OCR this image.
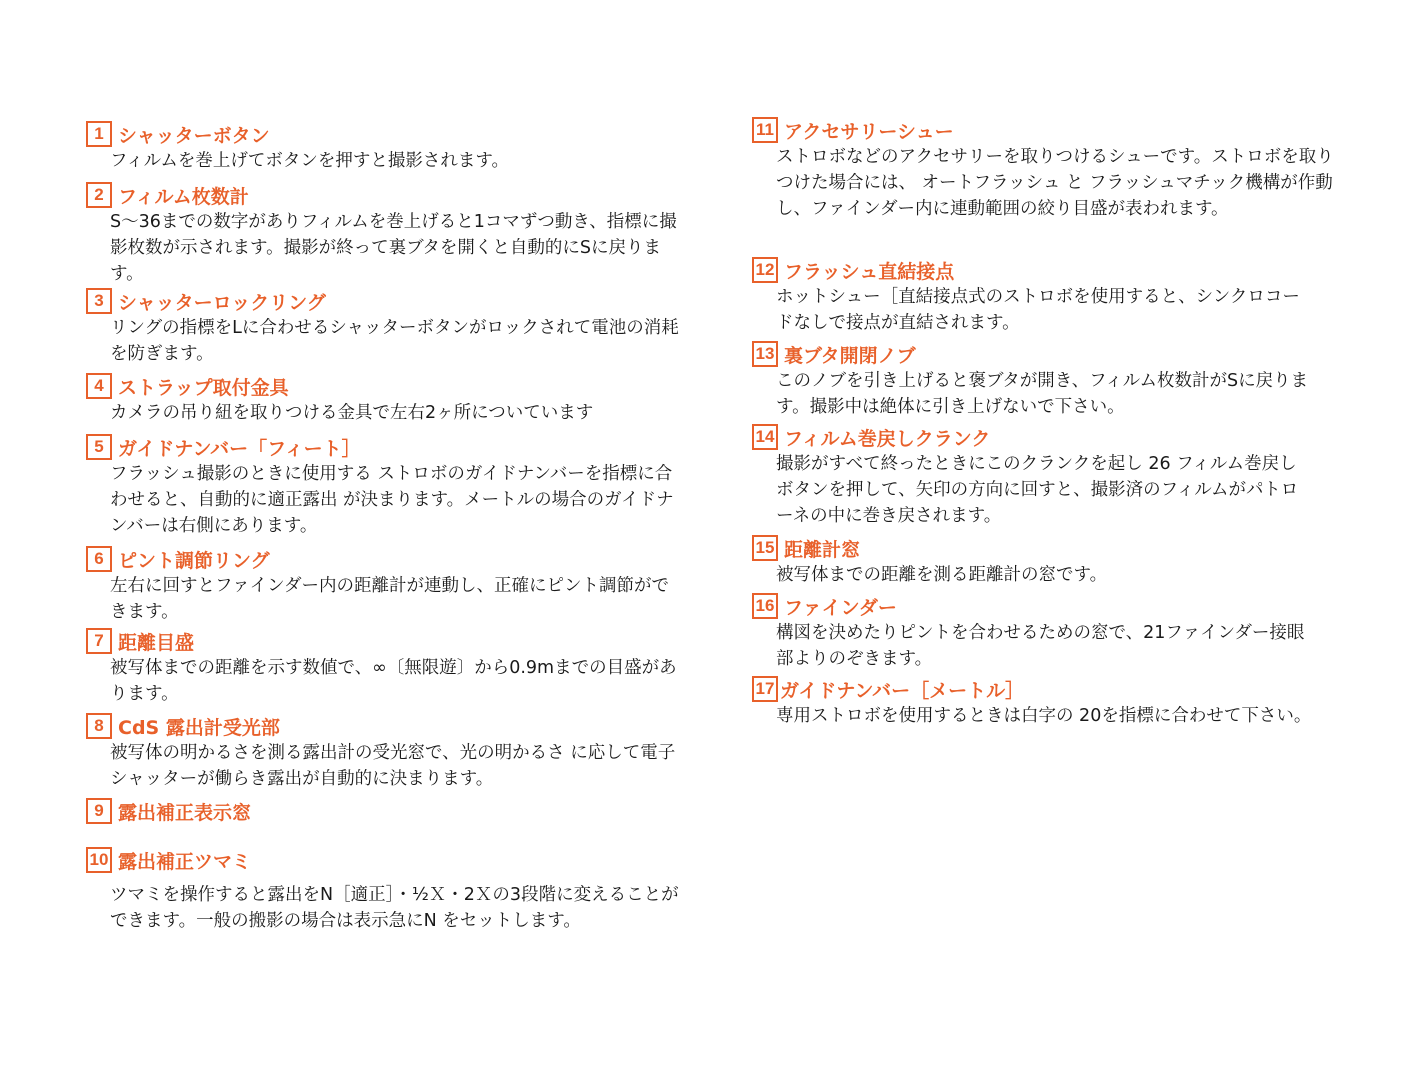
1 シャッターボタン
フィルムを巻上げてボタンを押すと撮影されます。
2 フィルム枚数計
S～36までの数字がありフィルムを巻上げると1コマずつ動き、指標に撮影枚数が示されます。撮影が終って裏ブタを開くと自動的にSに戻ります。
3 シャッターロックリング
リングの指標をLに合わせるシャッターボタンがロックされて電池の消耗を防ぎます。
4 ストラップ取付金具
カメラの吊り紐を取りつける金具で左右2ヶ所についています
5 ガイドナンバー「フィート］
フラッシュ撮影のときに使用する ストロボのガイドナンバーを指標に合わせると、自動的に適正露出 が決まります。メートルの場合のガイドナンバーは右側にあります。
6 ピント調節リング
左右に回すとファインダー内の距離計が連動し、正確にピント調節ができます。
7 距離目盛
被写体までの距離を示す数値で、∞〔無限遊〕から0.9mまでの目盛があります。
8 CdS 露出計受光部
被写体の明かるさを測る露出計の受光窓で、光の明かるさ に応して電子シャッターが働らき露出が自動的に決まります。
9 露出補正表示窓
10 露出補正ツマミ
ツマミを操作すると露出をN［適正］・½Ｘ・2Ｘの3段階に変えることができます。一般の搬影の場合は表示急にN をセットします。
11 アクセサリーシュー
ストロボなどのアクセサリーを取りつけるシューです。ストロボを取りつけた場合には、 オートフラッシュ と フラッシュマチック機構が作動し、ファインダー内に連動範囲の絞り目盛が表われます。
12 フラッシュ直結接点
ホットシュー［直結接点式のストロボを使用すると、シンクロコードなしで接点が直結されます。
13 裏ブタ開閉ノブ
このノブを引き上げると褒ブタが開き、フィルム枚数計がSに戻ります。撮影中は絶体に引き上げないで下さい。
14 フィルム巻戻しクランク
撮影がすべて終ったときにこのクランクを起し 26 フィルム巻戻しボタンを押して、矢印の方向に回すと、撮影済のフィルムがパトローネの中に巻き戻されます。
15 距離計窓
被写体までの距離を測る距離計の窓です。
16 ファインダー
構図を決めたりピントを合わせるための窓で、21ファインダー接眼部よりのぞきます。
17 ガイドナンバー［メートル］
専用ストロボを使用するときは白字の 20を指標に合わせて下さい。
